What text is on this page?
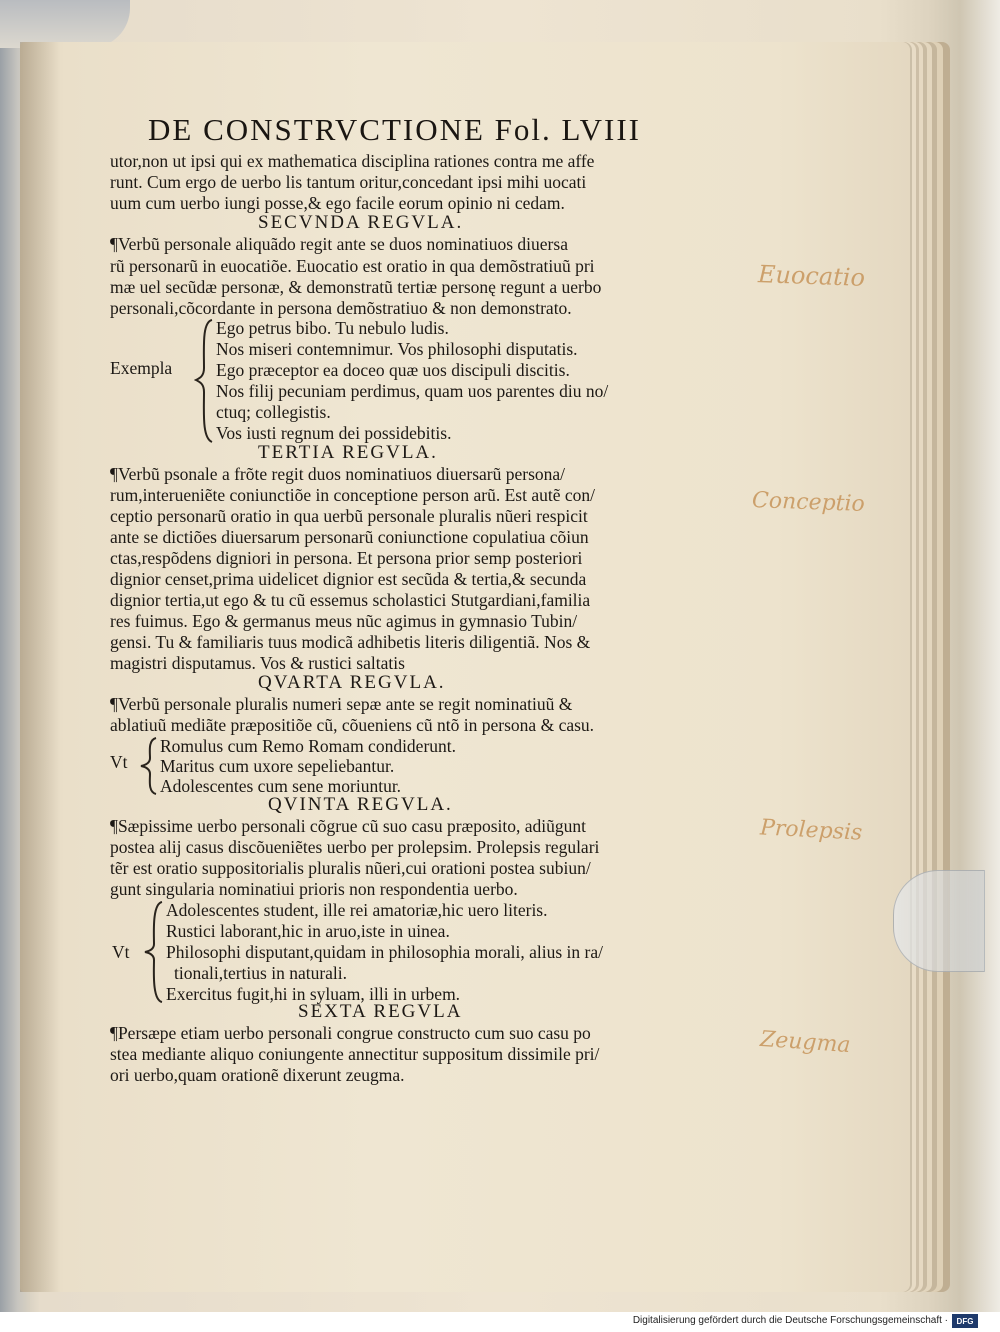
DE CONSTRVCTIONE Fol. LVIII
utor,non ut ipsi qui ex mathematica disciplina rationes contra me affe
runt. Cum ergo de uerbo lis tantum oritur,concedant ipsi mihi uocati
uum cum uerbo iungi posse,& ego facile eorum opinio ni cedam.
SECVNDA REGVLA.
¶Verbũ personale aliquãdo regit ante se duos nominatiuos diuersa
rũ personarũ in euocatiõe. Euocatio est oratio in qua demõstratiuũ pri
mæ uel secũdæ personæ, & demonstratũ tertiæ personę regunt a uerbo
personali,cõcordante in persona demõstratiuo & non demonstrato.
Exempla
Ego petrus bibo. Tu nebulo ludis.
Nos miseri contemnimur. Vos philosophi disputatis.
Ego præceptor ea doceo quæ uos discipuli discitis.
Nos filij pecuniam perdimus, quam uos parentes diu no/
ctuq; collegistis.
Vos iusti regnum dei possidebitis.
TERTIA REGVLA.
¶Verbũ psonale a frõte regit duos nominatiuos diuersarũ persona/
rum,interueniẽte coniunctiõe in conceptione person arũ. Est autẽ con/
ceptio personarũ oratio in qua uerbũ personale pluralis nũeri respicit
ante se dictiões diuersarum personarũ coniunctione copulatiua cõiun
ctas,respõdens digniori in persona. Et persona prior semp posteriori
dignior censet,prima uidelicet dignior est secũda & tertia,& secunda
dignior tertia,ut ego & tu cũ essemus scholastici Stutgardiani,familia
res fuimus. Ego & germanus meus nũc agimus in gymnasio Tubin/
gensi. Tu & familiaris tuus modicã adhibetis literis diligentiã. Nos &
magistri disputamus. Vos & rustici saltatis
QVARTA REGVLA.
¶Verbũ personale pluralis numeri sepæ ante se regit nominatiuũ &
ablatiuũ mediãte præpositiõe cũ, cõueniens cũ ntõ in persona & casu.
Vt
Romulus cum Remo Romam condiderunt.
Maritus cum uxore sepeliebantur.
Adolescentes cum sene moriuntur.
QVINTA REGVLA.
¶Sæpissime uerbo personali cõgrue cũ suo casu præposito, adiũgunt
postea alij casus discõueniẽtes uerbo per prolepsim. Prolepsis regulari
tẽr est oratio suppositorialis pluralis nũeri,cui orationi postea subiun/
gunt singularia nominatiui prioris non respondentia uerbo.
Vt
Adolescentes student, ille rei amatoriæ,hic uero literis.
Rustici laborant,hic in aruo,iste in uinea.
Philosophi disputant,quidam in philosophia morali, alius in ra/
tionali,tertius in naturali.
Exercitus fugit,hi in syluam, illi in urbem.
SEXTA REGVLA
¶Persæpe etiam uerbo personali congrue constructo cum suo casu po
stea mediante aliquo coniungente annectitur suppositum dissimile pri/
ori uerbo,quam orationẽ dixerunt zeugma.
Euocatio
Conceptio
Prolepsis
Zeugma
Digitalisierung gefördert durch die Deutsche Forschungsgemeinschaft ·	DFG
